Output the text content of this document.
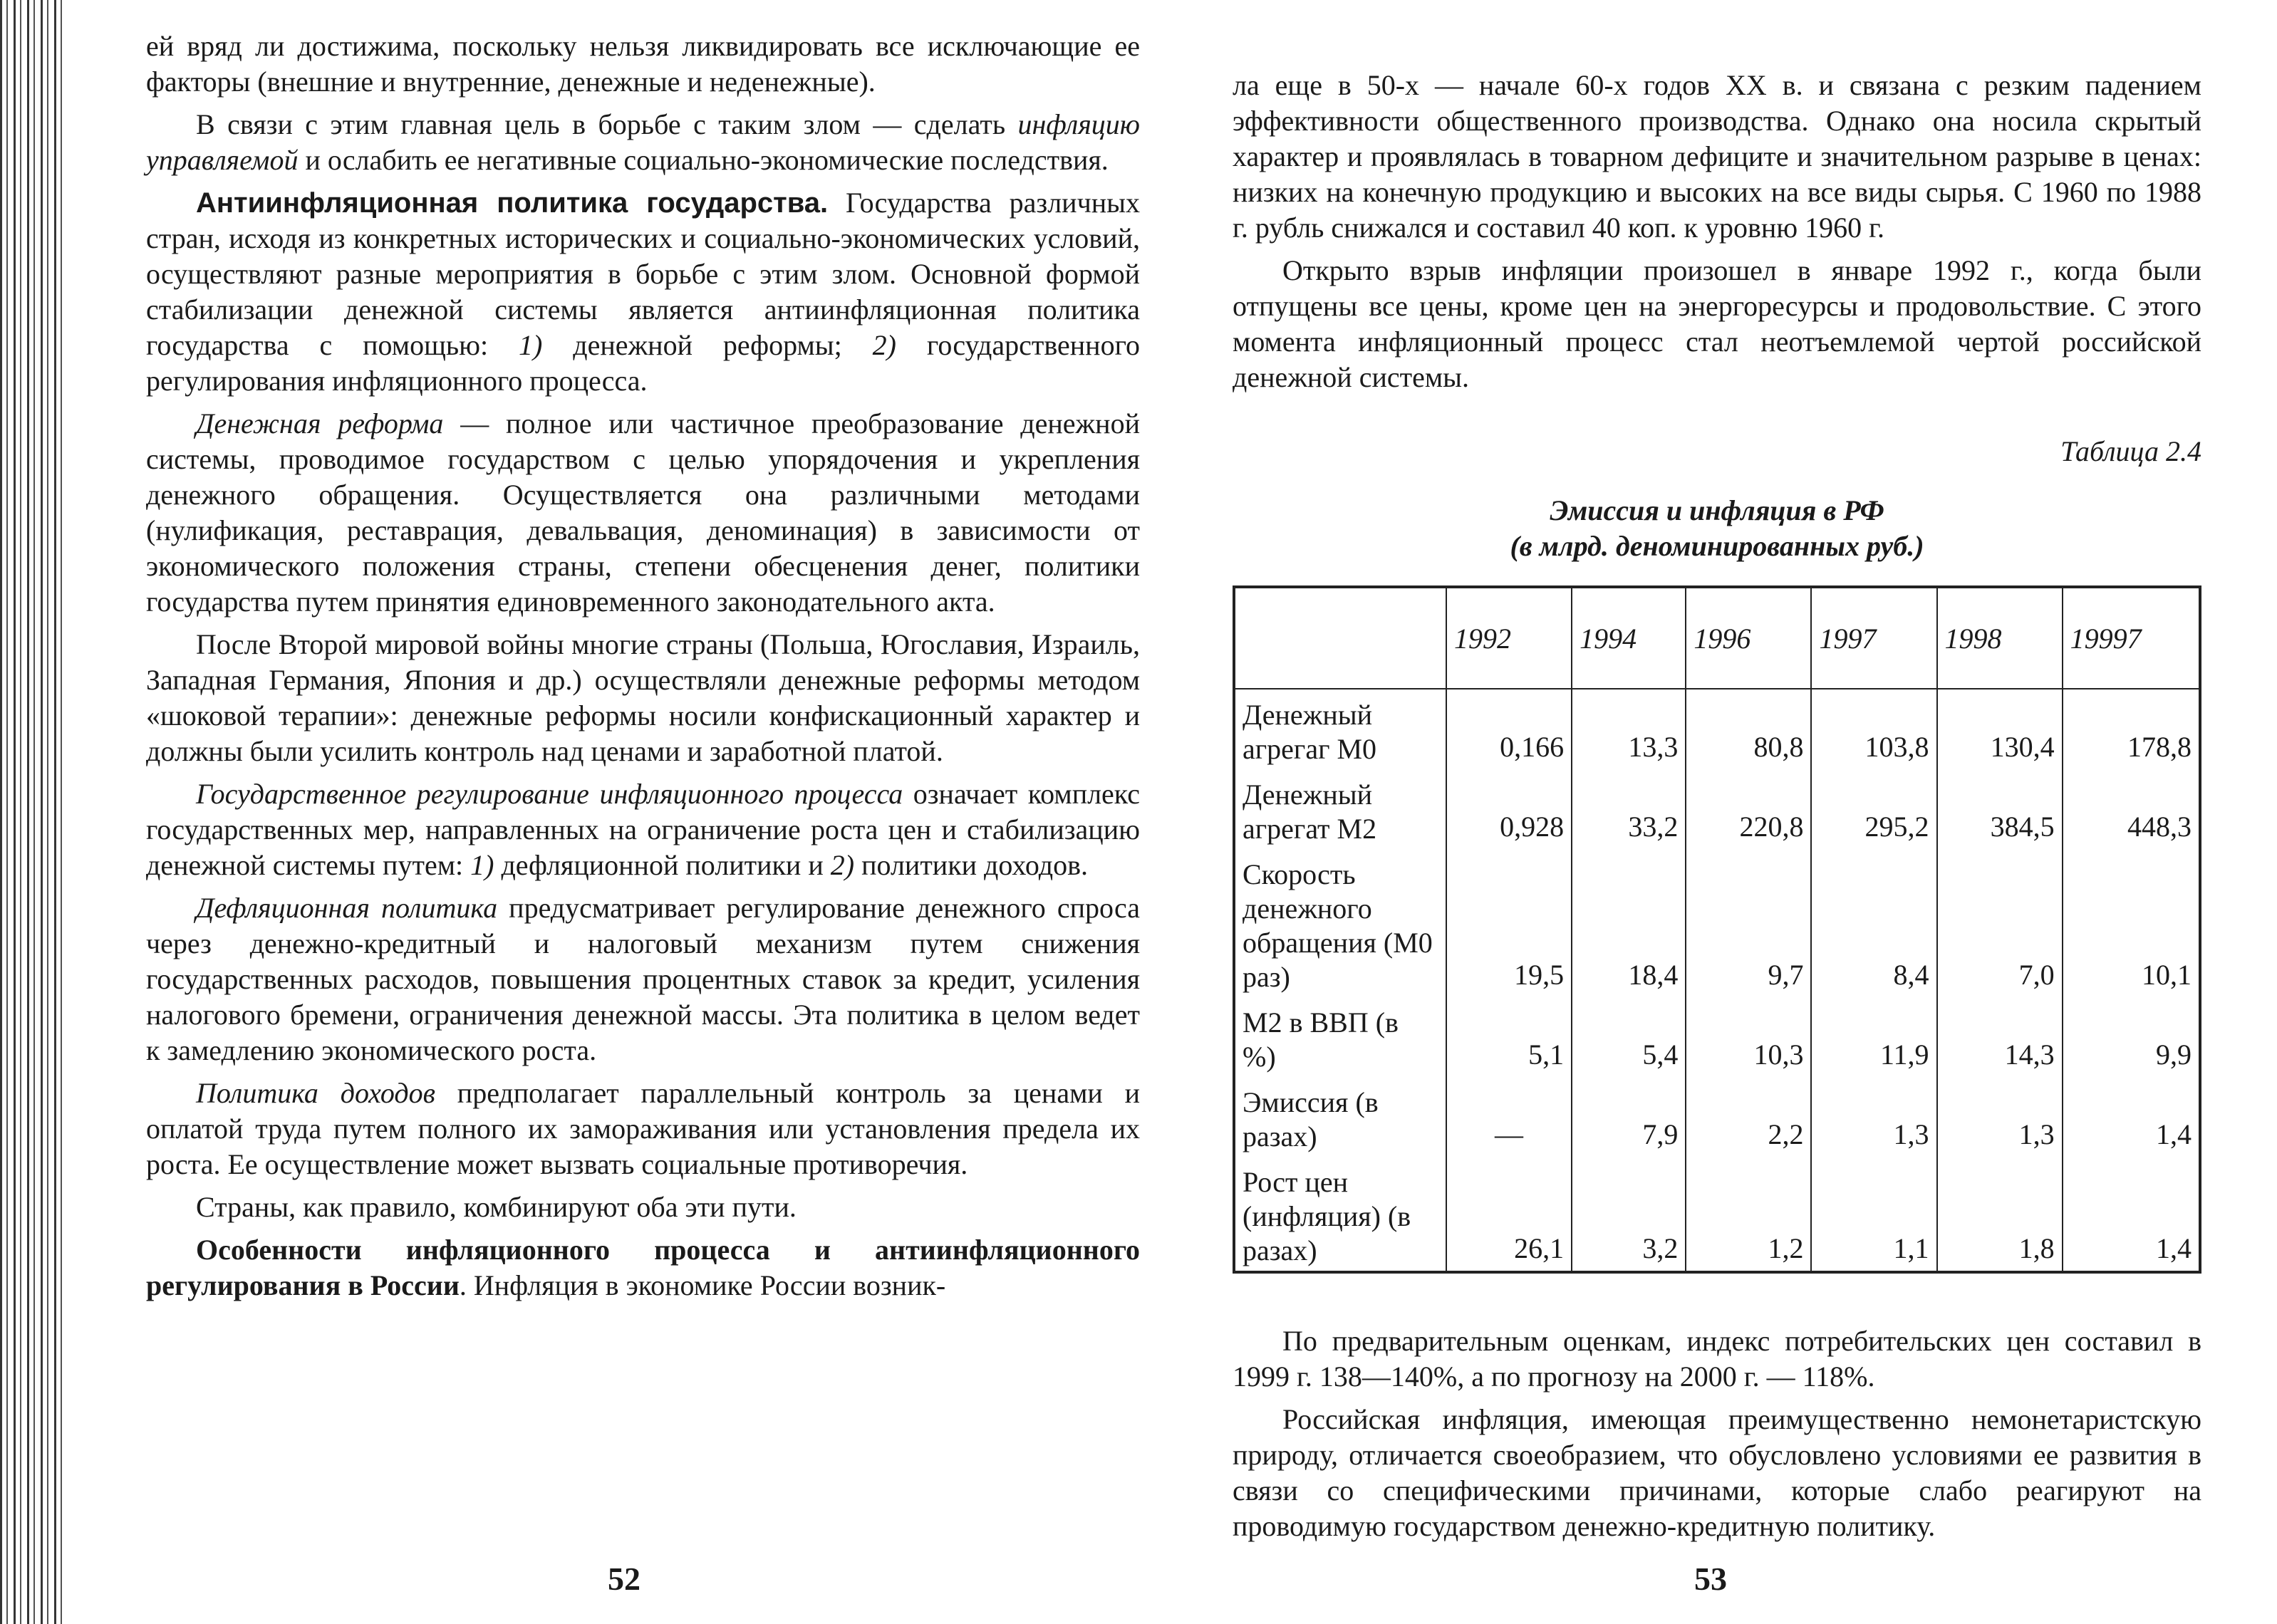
ей вряд ли достижима, поскольку нельзя ликвидировать все исключающие ее факторы (внешние и внутренние, денежные и неденежные).

В связи с этим главная цель в борьбе с таким злом — сделать инфляцию управляемой и ослабить ее негативные социально-экономические последствия.

Антиинфляционная политика государства. Государства различных стран, исходя из конкретных исторических и социально-экономических условий, осуществляют разные мероприятия в борьбе с этим злом. Основной формой стабилизации денежной системы является антиинфляционная политика государства с помощью: 1) денежной реформы; 2) государственного регулирования инфляционного процесса.

Денежная реформа — полное или частичное преобразование денежной системы, проводимое государством с целью упорядочения и укрепления денежного обращения. Осуществляется она различными методами (нулификация, реставрация, девальвация, деноминация) в зависимости от экономического положения страны, степени обесценения денег, политики государства путем принятия единовременного законодательного акта.

После Второй мировой войны многие страны (Польша, Югославия, Израиль, Западная Германия, Япония и др.) осуществляли денежные реформы методом «шоковой терапии»: денежные реформы носили конфискационный характер и должны были усилить контроль над ценами и заработной платой.

Государственное регулирование инфляционного процесса означает комплекс государственных мер, направленных на ограничение роста цен и стабилизацию денежной системы путем: 1) дефляционной политики и 2) политики доходов.

Дефляционная политика предусматривает регулирование денежного спроса через денежно-кредитный и налоговый механизм путем снижения государственных расходов, повышения процентных ставок за кредит, усиления налогового бремени, ограничения денежной массы. Эта политика в целом ведет к замедлению экономического роста.

Политика доходов предполагает параллельный контроль за ценами и оплатой труда путем полного их замораживания или установления предела их роста. Ее осуществление может вызвать социальные противоречия.

Страны, как правило, комбинируют оба эти пути.

Особенности инфляционного процесса и антиинфляционного регулирования в России. Инфляция в экономике России возник-

52

ла еще в 50-х — начале 60-х годов XX в. и связана с резким падением эффективности общественного производства. Однако она носила скрытый характер и проявлялась в товарном дефиците и значительном разрыве в ценах: низких на конечную продукцию и высоких на все виды сырья. С 1960 по 1988 г. рубль снижался и составил 40 коп. к уровню 1960 г.

Открыто взрыв инфляции произошел в январе 1992 г., когда были отпущены все цены, кроме цен на энергоресурсы и продовольствие. С этого момента инфляционный процесс стал неотъемлемой чертой российской денежной системы.

Таблица 2.4
Эмиссия и инфляция в РФ
(в млрд. деноминированных руб.)
	1992	1994	1996	1997	1998	19997
Денежный агрегаг M0	0,166	13,3	80,8	103,8	130,4	178,8
Денежный агрегат M2	0,928	33,2	220,8	295,2	384,5	448,3
Скорость денежного обращения (M0 раз)	19,5	18,4	9,7	8,4	7,0	10,1
M2 в ВВП (в %)	5,1	5,4	10,3	11,9	14,3	9,9
Эмиссия (в разах)	—	7,9	2,2	1,3	1,3	1,4
Рост цен (инфляция) (в разах)	26,1	3,2	1,2	1,1	1,8	1,4

По предварительным оценкам, индекс потребительских цен составил в 1999 г. 138—140%, а по прогнозу на 2000 г. — 118%.

Российская инфляция, имеющая преимущественно немонетаристскую природу, отличается своеобразием, что обусловлено условиями ее развития в связи со специфическими причинами, которые слабо реагируют на проводимую государством денежно-кредитную политику.

53
